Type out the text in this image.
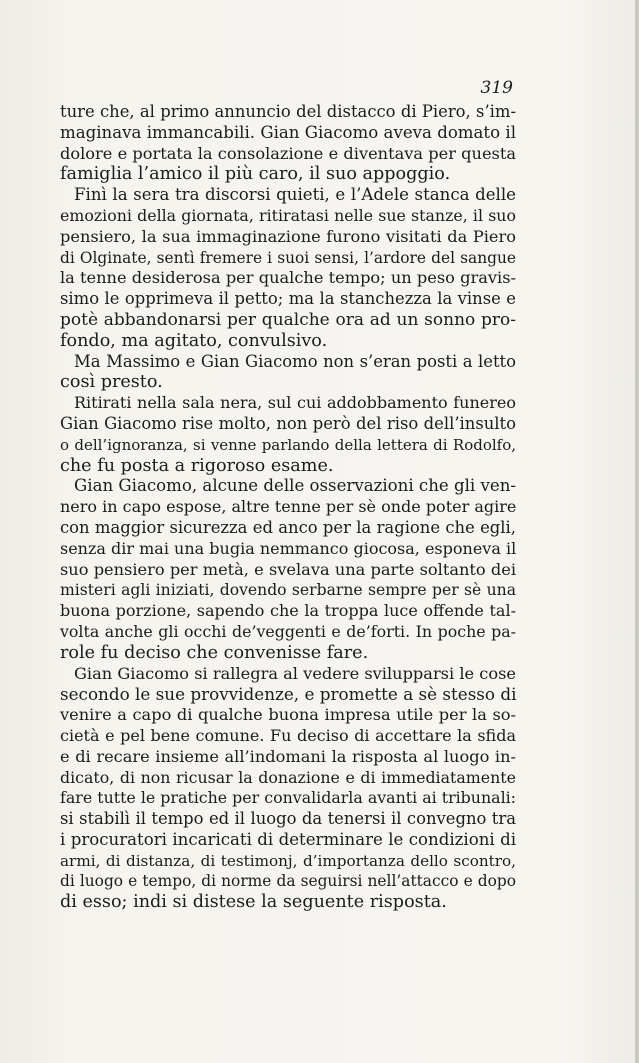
319
ture che, al primo annuncio del distacco di Piero, s’im-
maginava immancabili. Gian Giacomo aveva domato il
dolore e portata la consolazione e diventava per questa
famiglia l’amico il più caro, il suo appoggio.
Finì la sera tra discorsi quieti, e l’Adele stanca delle
emozioni della giornata, ritiratasi nelle sue stanze, il suo
pensiero, la sua immaginazione furono visitati da Piero
di Olginate, sentì fremere i suoi sensi, l’ardore del sangue
la tenne desiderosa per qualche tempo; un peso gravis-
simo le opprimeva il petto; ma la stanchezza la vinse e
potè abbandonarsi per qualche ora ad un sonno pro-
fondo, ma agitato, convulsivo.
Ma Massimo e Gian Giacomo non s’eran posti a letto
così presto.
Ritirati nella sala nera, sul cui addobbamento funereo
Gian Giacomo rise molto, non però del riso dell’insulto
o dell’ignoranza, si venne parlando della lettera di Rodolfo,
che fu posta a rigoroso esame.
Gian Giacomo, alcune delle osservazioni che gli ven-
nero in capo espose, altre tenne per sè onde poter agire
con maggior sicurezza ed anco per la ragione che egli,
senza dir mai una bugia nemmanco giocosa, esponeva il
suo pensiero per metà, e svelava una parte soltanto dei
misteri agli iniziati, dovendo serbarne sempre per sè una
buona porzione, sapendo che la troppa luce offende tal-
volta anche gli occhi de’veggenti e de’forti. In poche pa-
role fu deciso che convenisse fare.
Gian Giacomo si rallegra al vedere svilupparsi le cose
secondo le sue provvidenze, e promette a sè stesso di
venire a capo di qualche buona impresa utile per la so-
cietà e pel bene comune. Fu deciso di accettare la sfida
e di recare insieme all’indomani la risposta al luogo in-
dicato, di non ricusar la donazione e di immediatamente
fare tutte le pratiche per convalidarla avanti ai tribunali:
si stabilì il tempo ed il luogo da tenersi il convegno tra
i procuratori incaricati di determinare le condizioni di
armi, di distanza, di testimonj, d’importanza dello scontro,
di luogo e tempo, di norme da seguirsi nell’attacco e dopo
di esso; indi si distese la seguente risposta.
